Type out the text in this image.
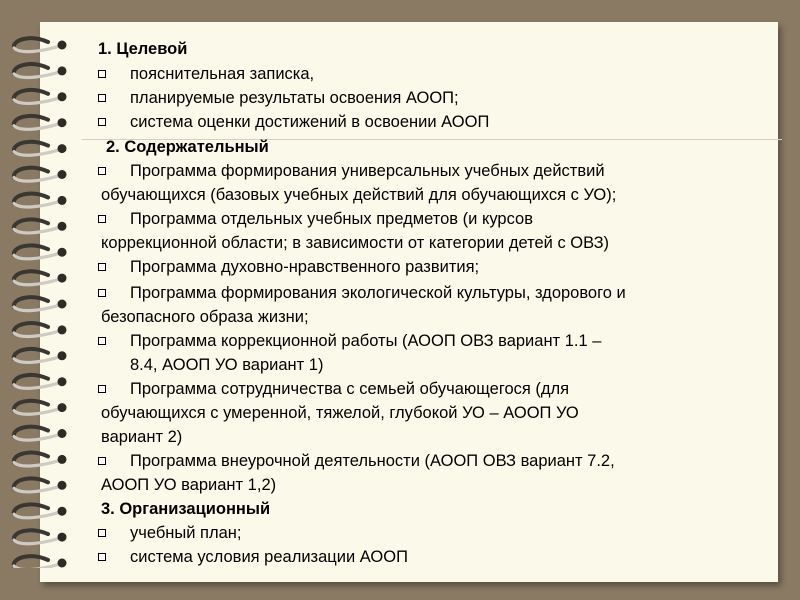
1. Целевой
пояснительная записка,
планируемые результаты освоения АООП;
система оценки достижений в освоении АООП
2. Содержательный
Программа формирования универсальных учебных действий
обучающихся (базовых учебных действий для обучающихся с УО);
Программа отдельных учебных предметов (и курсов
коррекционной области; в зависимости от категории детей с ОВЗ)
Программа духовно-нравственного развития;
Программа формирования экологической культуры, здорового и
безопасного образа жизни;
Программа коррекционной работы (АООП ОВЗ вариант 1.1 –
8.4, АООП УО вариант 1)
Программа сотрудничества с семьей обучающегося (для
обучающихся с умеренной, тяжелой, глубокой УО – АООП УО
вариант 2)
Программа внеурочной деятельности (АООП ОВЗ вариант 7.2,
АООП УО вариант 1,2)
3. Организационный
учебный план;
система условия реализации АООП
